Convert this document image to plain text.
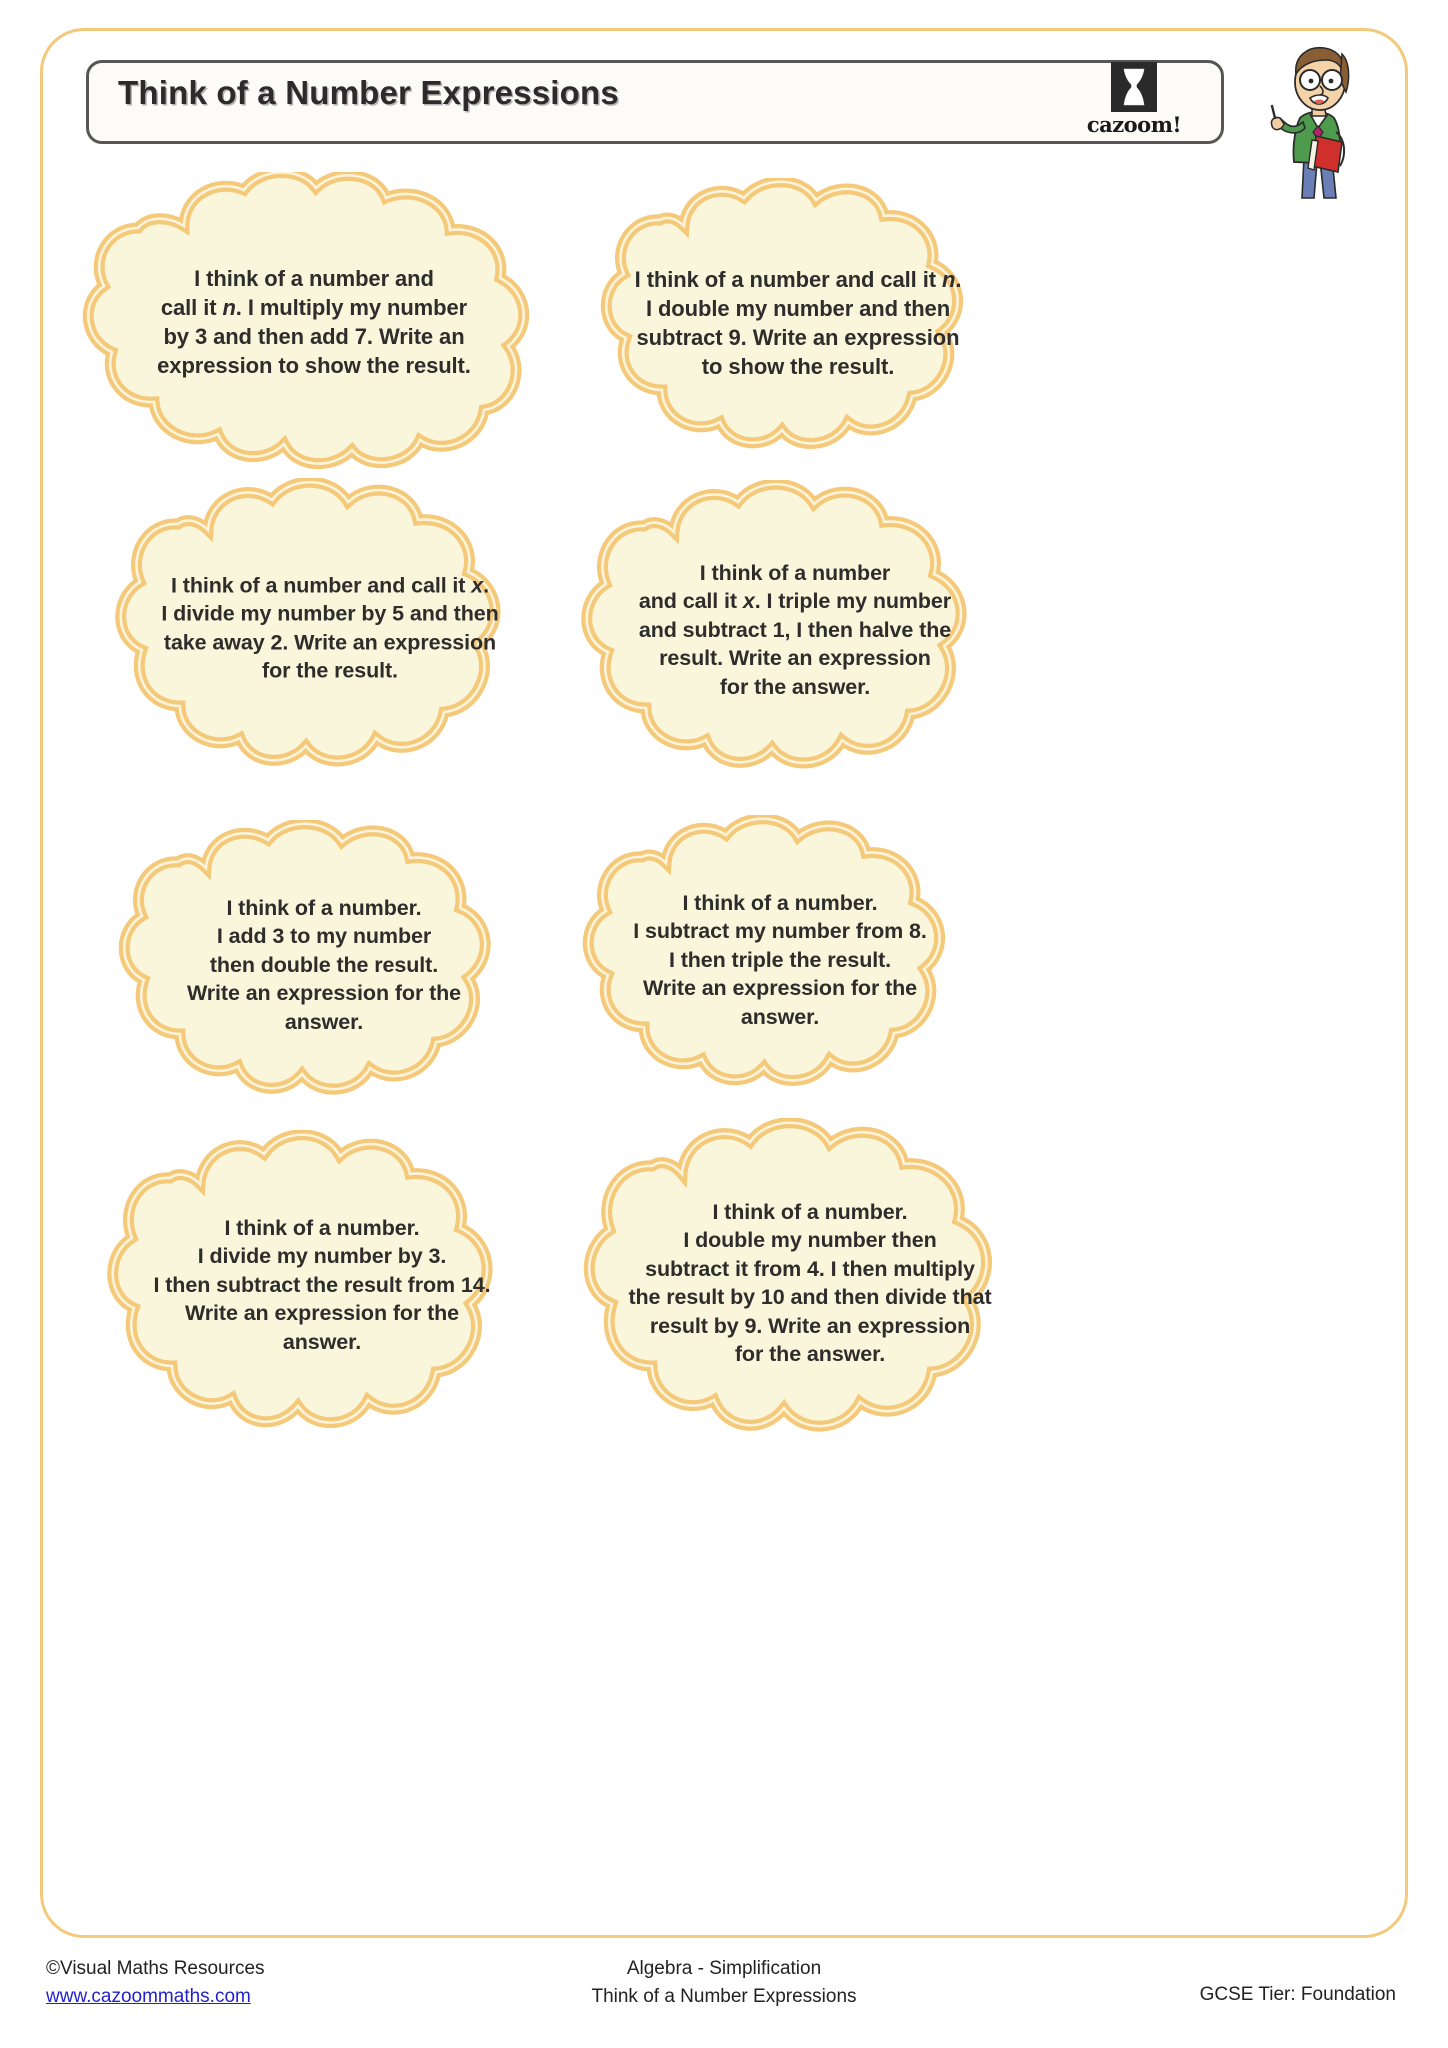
Think of a Number Expressions
cazoom!
I think of a number and
call it n. I multiply my number
by 3 and then add 7. Write an
expression to show the result.
I think of a number and call it n.
I double my number and then
subtract 9. Write an expression
to show the result.
I think of a number and call it x.
I divide my number by 5 and then
take away 2. Write an expression
for the result.
I think of a number
and call it x. I triple my number
and subtract 1, I then halve the
result. Write an expression
for the answer.
I think of a number.
I add 3 to my number
then double the result.
Write an expression for the
answer.
I think of a number.
I subtract my number from 8.
I then triple the result.
Write an expression for the
answer.
I think of a number.
I divide my number by 3.
I then subtract the result from 14.
Write an expression for the
answer.
I think of a number.
I double my number then
subtract it from 4. I then multiply
the result by 10 and then divide that
result by 9. Write an expression
for the answer.
©Visual Maths Resources
www.cazoommaths.com
Algebra - Simplification
Think of a Number Expressions	GCSE Tier: Foundation
